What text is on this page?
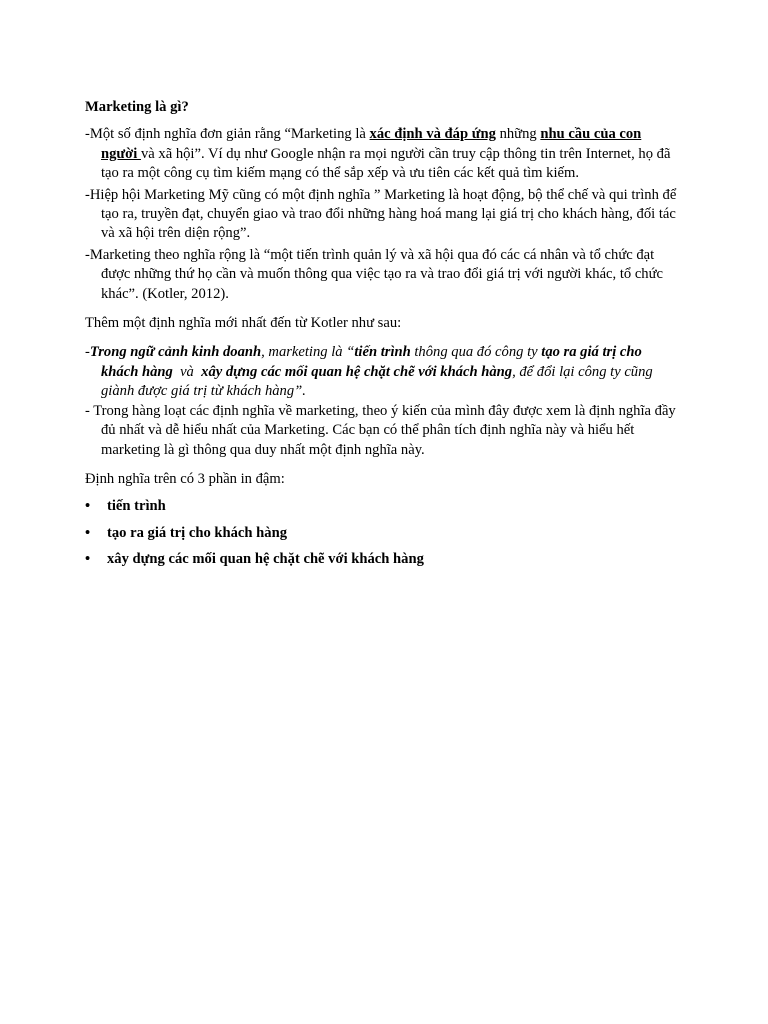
Marketing là gì?

-Một số định nghĩa đơn giản rằng “Marketing là xác định và đáp ứng những nhu cầu của con người và xã hội”. Ví dụ như Google nhận ra mọi người cần truy cập thông tin trên Internet, họ đã tạo ra một công cụ tìm kiếm mạng có thể sắp xếp và ưu tiên các kết quả tìm kiếm.

-Hiệp hội Marketing Mỹ cũng có một định nghĩa ” Marketing là hoạt động, bộ thể chế và qui trình để tạo ra, truyền đạt, chuyển giao và trao đổi những hàng hoá mang lại giá trị cho khách hàng, đối tác và xã hội trên diện rộng”.

-Marketing theo nghĩa rộng là “một tiến trình quản lý và xã hội qua đó các cá nhân và tổ chức đạt được những thứ họ cần và muốn thông qua việc tạo ra và trao đổi giá trị với người khác, tổ chức khác”. (Kotler, 2012).

Thêm một định nghĩa mới nhất đến từ Kotler như sau:

-Trong ngữ cảnh kinh doanh, marketing là “tiến trình thông qua đó công ty tạo ra giá trị cho khách hàng  và  xây dựng các mối quan hệ chặt chẽ với khách hàng, để đổi lại công ty cũng giành được giá trị từ khách hàng”.

- Trong hàng loạt các định nghĩa về marketing, theo ý kiến của mình đây được xem là định nghĩa đầy đủ nhất và dễ hiểu nhất của Marketing. Các bạn có thể phân tích định nghĩa này và hiểu hết marketing là gì thông qua duy nhất một định nghĩa này.

Định nghĩa trên có 3 phần in đậm:

• tiến trình
• tạo ra giá trị cho khách hàng
• xây dựng các mối quan hệ chặt chẽ với khách hàng
